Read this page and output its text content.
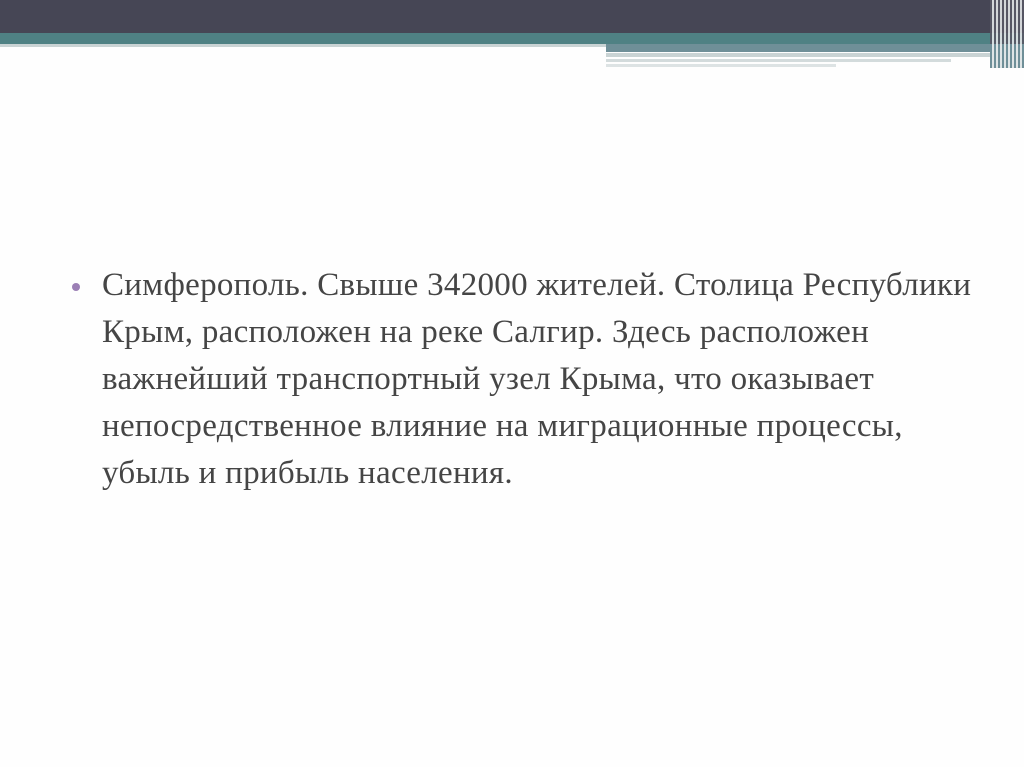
Симферополь. Свыше 342000 жителей. Столица Республики Крым, расположен на реке Салгир. Здесь расположен важнейший транспортный узел Крыма, что оказывает непосредственное влияние на миграционные процессы, убыль и прибыль населения.
